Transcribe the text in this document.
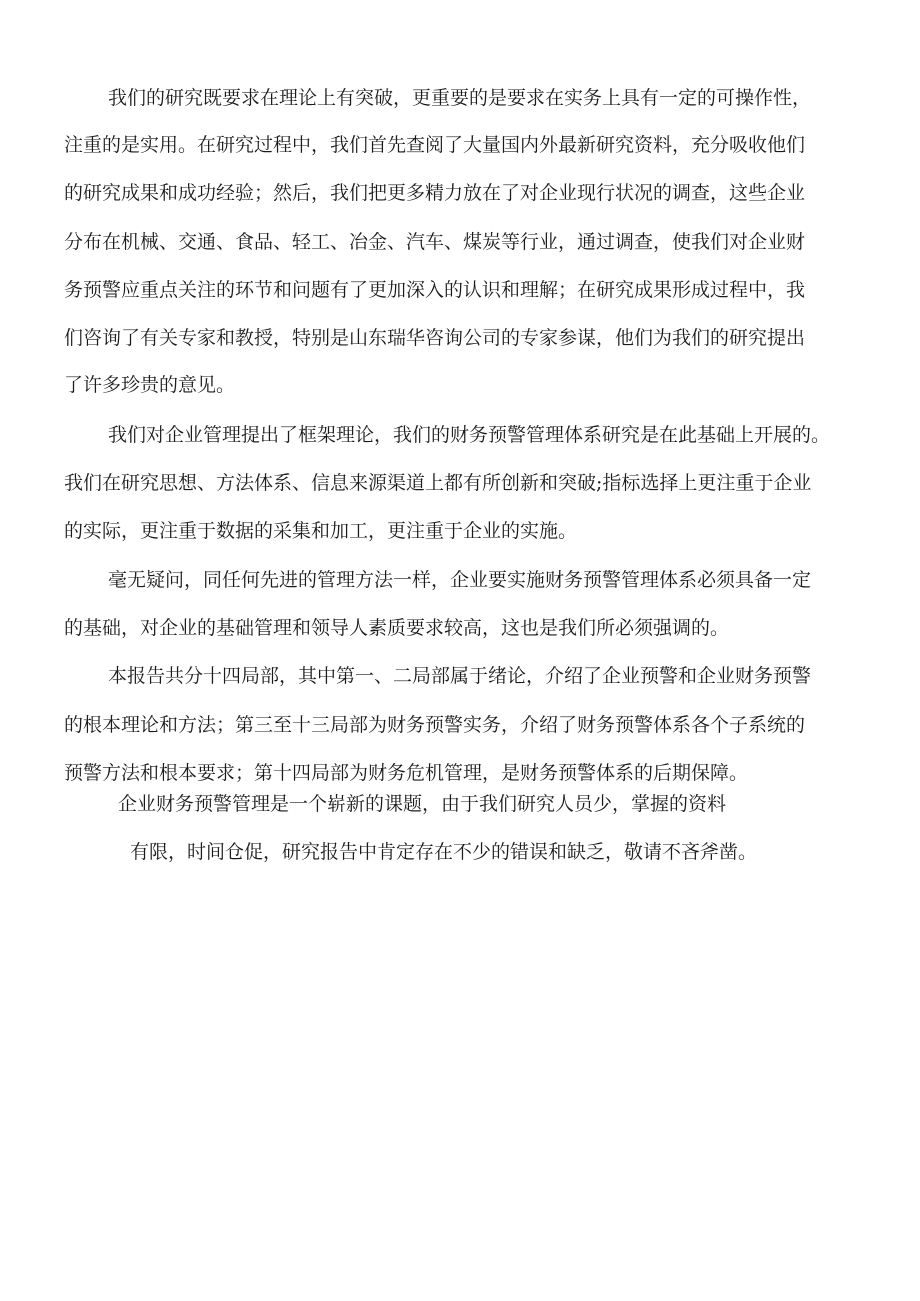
我们的研究既要求在理论上有突破，更重要的是要求在实务上具有一定的可操作性，
注重的是实用。在研究过程中，我们首先查阅了大量国内外最新研究资料，充分吸收他们
的研究成果和成功经验；然后，我们把更多精力放在了对企业现行状况的调查，这些企业
分布在机械、交通、食品、轻工、冶金、汽车、煤炭等行业，通过调查，使我们对企业财
务预警应重点关注的环节和问题有了更加深入的认识和理解；在研究成果形成过程中，我
们咨询了有关专家和教授，特别是山东瑞华咨询公司的专家参谋，他们为我们的研究提出
了许多珍贵的意见。
我们对企业管理提出了框架理论，我们的财务预警管理体系研究是在此基础上开展的。
我们在研究思想、方法体系、信息来源渠道上都有所创新和突破;指标选择上更注重于企业
的实际，更注重于数据的采集和加工，更注重于企业的实施。
毫无疑问，同任何先进的管理方法一样，企业要实施财务预警管理体系必须具备一定
的基础，对企业的基础管理和领导人素质要求较高，这也是我们所必须强调的。
本报告共分十四局部，其中第一、二局部属于绪论，介绍了企业预警和企业财务预警
的根本理论和方法；第三至十三局部为财务预警实务，介绍了财务预警体系各个子系统的
预警方法和根本要求；第十四局部为财务危机管理，是财务预警体系的后期保障。
企业财务预警管理是一个崭新的课题，由于我们研究人员少，掌握的资料
有限，时间仓促，研究报告中肯定存在不少的错误和缺乏，敬请不吝斧凿。
